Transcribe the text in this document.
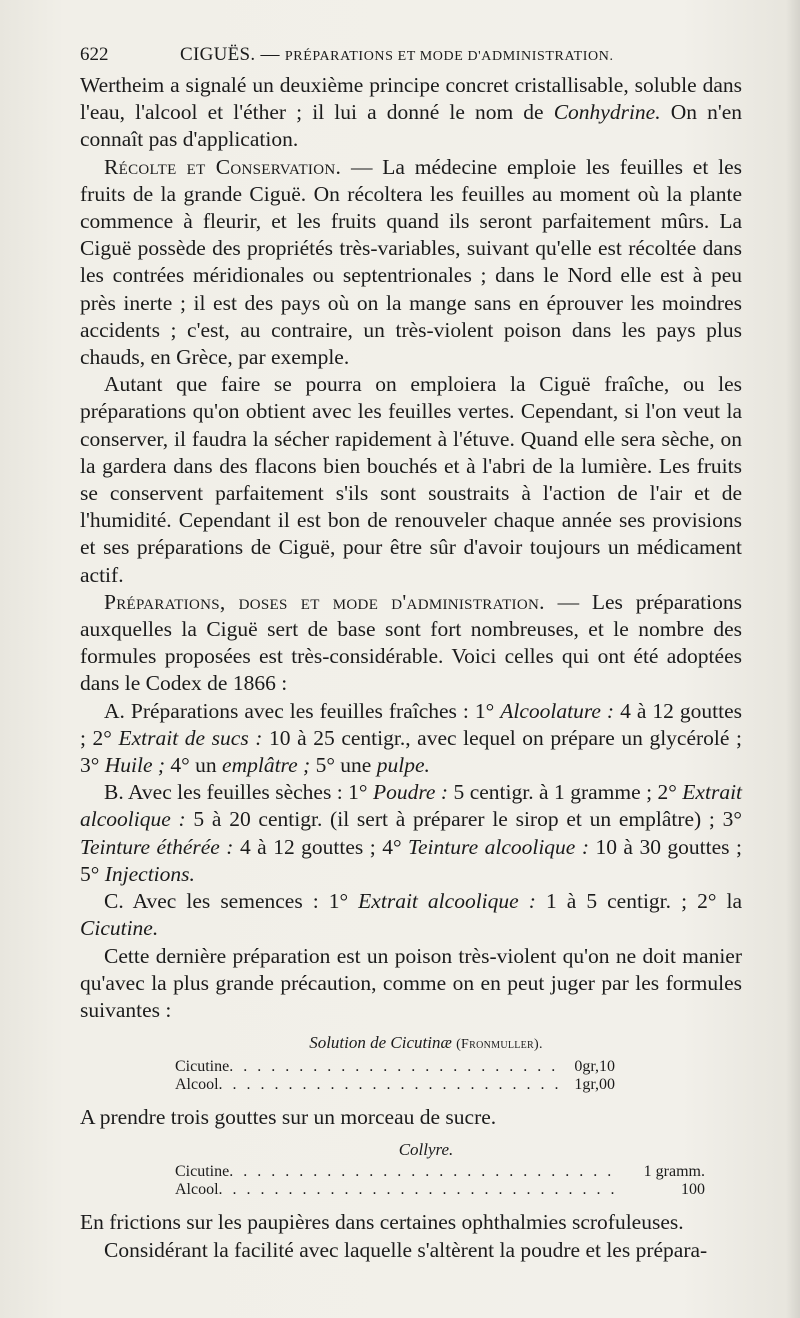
622	CIGUËS. — PRÉPARATIONS ET MODE D'ADMINISTRATION.

Wertheim a signalé un deuxième principe concret cristallisable, soluble dans l'eau, l'alcool et l'éther ; il lui a donné le nom de Conhydrine. On n'en connaît pas d'application.

Récolte et Conservation. — La médecine emploie les feuilles et les fruits de la grande Ciguë. On récoltera les feuilles au moment où la plante commence à fleurir, et les fruits quand ils seront parfaitement mûrs. La Ciguë possède des propriétés très-variables, suivant qu'elle est récoltée dans les contrées méridionales ou septentrionales ; dans le Nord elle est à peu près inerte ; il est des pays où on la mange sans en éprouver les moindres accidents ; c'est, au contraire, un très-violent poison dans les pays plus chauds, en Grèce, par exemple.

Autant que faire se pourra on emploiera la Ciguë fraîche, ou les préparations qu'on obtient avec les feuilles vertes. Cependant, si l'on veut la conserver, il faudra la sécher rapidement à l'étuve. Quand elle sera sèche, on la gardera dans des flacons bien bouchés et à l'abri de la lumière. Les fruits se conservent parfaitement s'ils sont soustraits à l'action de l'air et de l'humidité. Cependant il est bon de renouveler chaque année ses provisions et ses préparations de Ciguë, pour être sûr d'avoir toujours un médicament actif.

Préparations, doses et mode d'administration. — Les préparations auxquelles la Ciguë sert de base sont fort nombreuses, et le nombre des formules proposées est très-considérable. Voici celles qui ont été adoptées dans le Codex de 1866 :

A. Préparations avec les feuilles fraîches : 1° Alcoolature : 4 à 12 gouttes ; 2° Extrait de sucs : 10 à 25 centigr., avec lequel on prépare un glycérolé ; 3° Huile ; 4° un emplâtre ; 5° une pulpe.

B. Avec les feuilles sèches : 1° Poudre : 5 centigr. à 1 gramme ; 2° Extrait alcoolique : 5 à 20 centigr. (il sert à préparer le sirop et un emplâtre) ; 3° Teinture éthérée : 4 à 12 gouttes ; 4° Teinture alcoolique : 10 à 30 gouttes ; 5° Injections.

C. Avec les semences : 1° Extrait alcoolique : 1 à 5 centigr. ; 2° la Cicutine.

Cette dernière préparation est un poison très-violent qu'on ne doit manier qu'avec la plus grande précaution, comme on en peut juger par les formules suivantes :

Solution de Cicutinæ (Fronmuller).
Cicutine . . .	0gr,10
Alcool . . .	1gr,00

A prendre trois gouttes sur un morceau de sucre.

Collyre.
Cicutine . . .	1 gramm.
Alcool . . .	100

En frictions sur les paupières dans certaines ophthalmies scrofuleuses.

Considérant la facilité avec laquelle s'altèrent la poudre et les prépara-
